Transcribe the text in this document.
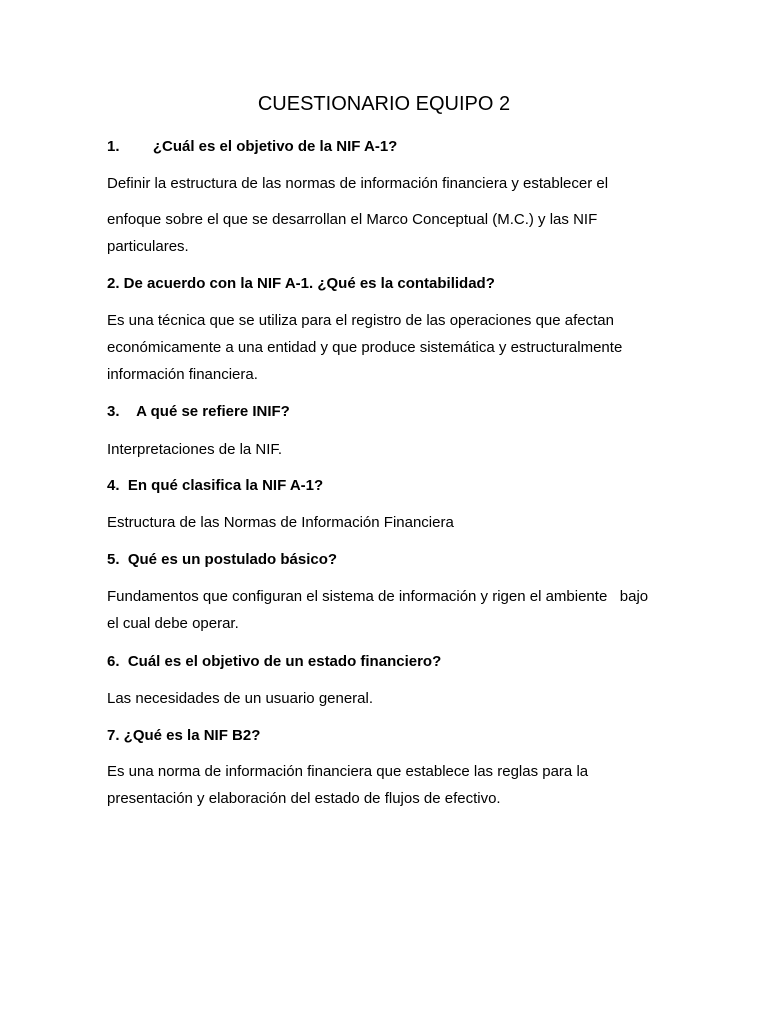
CUESTIONARIO EQUIPO 2
1.        ¿Cuál es el objetivo de la NIF A-1?
Definir la estructura de las normas de información financiera y establecer el
enfoque sobre el que se desarrollan el Marco Conceptual (M.C.) y las NIF
particulares.
2. De acuerdo con la NIF A-1. ¿Qué es la contabilidad?
Es una técnica que se utiliza para el registro de las operaciones que afectan
económicamente a una entidad y que produce sistemática y estructuralmente
información financiera.
3.    A qué se refiere INIF?
Interpretaciones de la NIF.
4.  En qué clasifica la NIF A-1?
Estructura de las Normas de Información Financiera
5.  Qué es un postulado básico?
Fundamentos que configuran el sistema de información y rigen el ambiente   bajo
el cual debe operar.
6.  Cuál es el objetivo de un estado financiero?
Las necesidades de un usuario general.
7. ¿Qué es la NIF B2?
Es una norma de información financiera que establece las reglas para la
presentación y elaboración del estado de flujos de efectivo.
